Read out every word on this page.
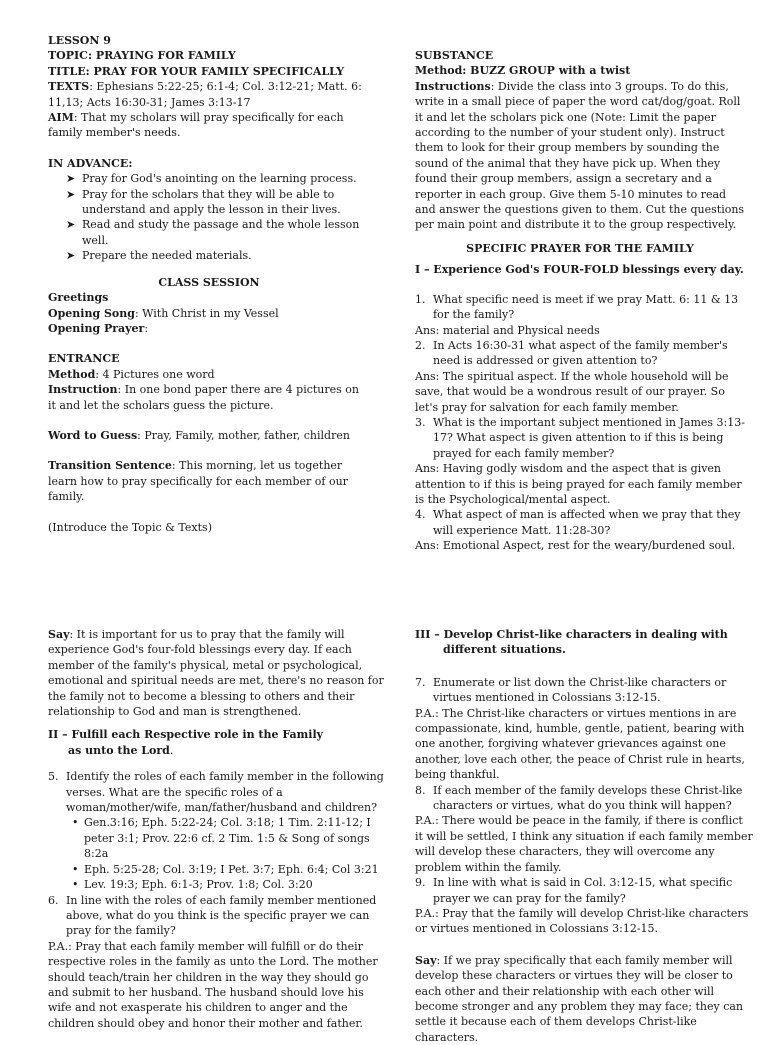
LESSON 9

TOPIC: PRAYING FOR FAMILY

TITLE: PRAY FOR YOUR FAMILY SPECIFICALLY

TEXTS: Ephesians 5:22-25; 6:1-4; Col. 3:12-21; Matt. 6: 11,13; Acts 16:30-31; James 3:13-17

AIM: That my scholars will pray specifically for each family member's needs.

IN ADVANCE:

➤ Pray for God's anointing on the learning process.
➤ Pray for the scholars that they will be able to understand and apply the lesson in their lives.
➤ Read and study the passage and the whole lesson well.
➤ Prepare the needed materials.

CLASS SESSION

Greetings

Opening Song: With Christ in my Vessel

Opening Prayer:

ENTRANCE

Method: 4 Pictures one word

Instruction: In one bond paper there are 4 pictures on it and let the scholars guess the picture.

Word to Guess: Pray, Family, mother, father, children

Transition Sentence: This morning, let us together learn how to pray specifically for each member of our family.

(Introduce the Topic & Texts)

SUBSTANCE

Method: BUZZ GROUP with a twist

Instructions: Divide the class into 3 groups. To do this, write in a small piece of paper the word cat/dog/goat. Roll it and let the scholars pick one (Note: Limit the paper according to the number of your student only). Instruct them to look for their group members by sounding the sound of the animal that they have pick up. When they found their group members, assign a secretary and a reporter in each group. Give them 5-10 minutes to read and answer the questions given to them. Cut the questions per main point and distribute it to the group respectively.

SPECIFIC PRAYER FOR THE FAMILY

I – Experience God's FOUR-FOLD blessings every day.

1. What specific need is meet if we pray Matt. 6: 11 & 13 for the family?

Ans: material and Physical needs

2. In Acts 16:30-31 what aspect of the family member's need is addressed or given attention to?

Ans: The spiritual aspect. If the whole household will be save, that would be a wondrous result of our prayer. So let's pray for salvation for each family member.

3. What is the important subject mentioned in James 3:13-17? What aspect is given attention to if this is being prayed for each family member?

Ans: Having godly wisdom and the aspect that is given attention to if this is being prayed for each family member is the Psychological/mental aspect.

4. What aspect of man is affected when we pray that they will experience Matt. 11:28-30?

Ans: Emotional Aspect, rest for the weary/burdened soul.

Say: It is important for us to pray that the family will experience God's four-fold blessings every day. If each member of the family's physical, metal or psychological, emotional and spiritual needs are met, there's no reason for the family not to become a blessing to others and their relationship to God and man is strengthened.

II – Fulfill each Respective role in the Family
as unto the Lord.

5. Identify the roles of each family member in the following verses. What are the specific roles of a woman/mother/wife, man/father/husband and children?
• Gen.3:16; Eph. 5:22-24; Col. 3:18; 1 Tim. 2:11-12; I peter 3:1; Prov. 22:6 cf. 2 Tim. 1:5 & Song of songs 8:2a
• Eph. 5:25-28; Col. 3:19; I Pet. 3:7; Eph. 6:4; Col 3:21
• Lev. 19:3; Eph. 6:1-3; Prov. 1:8; Col. 3:20
6. In line with the roles of each family member mentioned above, what do you think is the specific prayer we can pray for the family?

P.A.: Pray that each family member will fulfill or do their respective roles in the family as unto the Lord. The mother should teach/train her children in the way they should go and submit to her husband. The husband should love his wife and not exasperate his children to anger and the children should obey and honor their mother and father.

III – Develop Christ-like characters in dealing with
different situations.

7. Enumerate or list down the Christ-like characters or virtues mentioned in Colossians 3:12-15.

P.A.: The Christ-like characters or virtues mentions in are compassionate, kind, humble, gentle, patient, bearing with one another, forgiving whatever grievances against one another, love each other, the peace of Christ rule in hearts, being thankful.

8. If each member of the family develops these Christ-like characters or virtues, what do you think will happen?

P.A.: There would be peace in the family, if there is conflict it will be settled, I think any situation if each family member will develop these characters, they will overcome any problem within the family.

9. In line with what is said in Col. 3:12-15, what specific prayer we can pray for the family?

P.A.: Pray that the family will develop Christ-like characters or virtues mentioned in Colossians 3:12-15.

Say: If we pray specifically that each family member will develop these characters or virtues they will be closer to each other and their relationship with each other will become stronger and any problem they may face; they can settle it because each of them develops Christ-like characters.
